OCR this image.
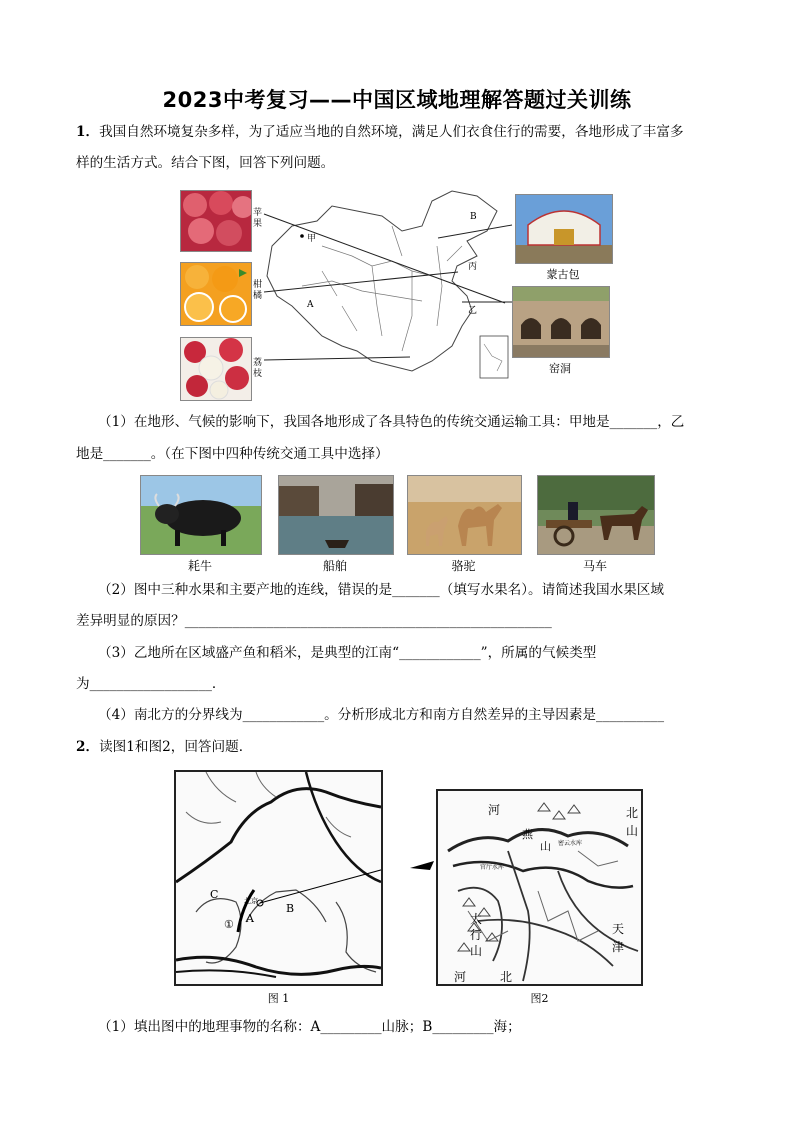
2023中考复习——中国区域地理解答题过关训练
1．我国自然环境复杂多样，为了适应当地的自然环境，满足人们衣食住行的需要，各地形成了丰富多
样的生活方式。结合下图，回答下列问题。
苹果
柑橘
荔枝
甲
乙
丙
A
B
蒙古包
窑洞
（1）在地形、气候的影响下，我国各地形成了各具特色的传统交通运输工具：甲地是_______，乙
地是_______。（在下图中四种传统交通工具中选择）
耗牛	船舶	骆驼	马车
（2）图中三种水果和主要产地的连线，错误的是_______（填写水果名）。请简述我国水果区域
差异明显的原因？______________________________________________________
（3）乙地所在区域盛产鱼和稻米，是典型的江南“____________”，所属的气候类型
为__________________．
（4）南北方的分界线为____________。分析形成北方和南方自然差异的主导因素是__________
2．读图1和图2，回答问题．
C
A
B
①
北京
图 1
河	北
山
燕
山
太
行
山
河	北
天
津
密云水库
官厅水库
图2
（1）填出图中的地理事物的名称：A_________山脉；B_________海；
